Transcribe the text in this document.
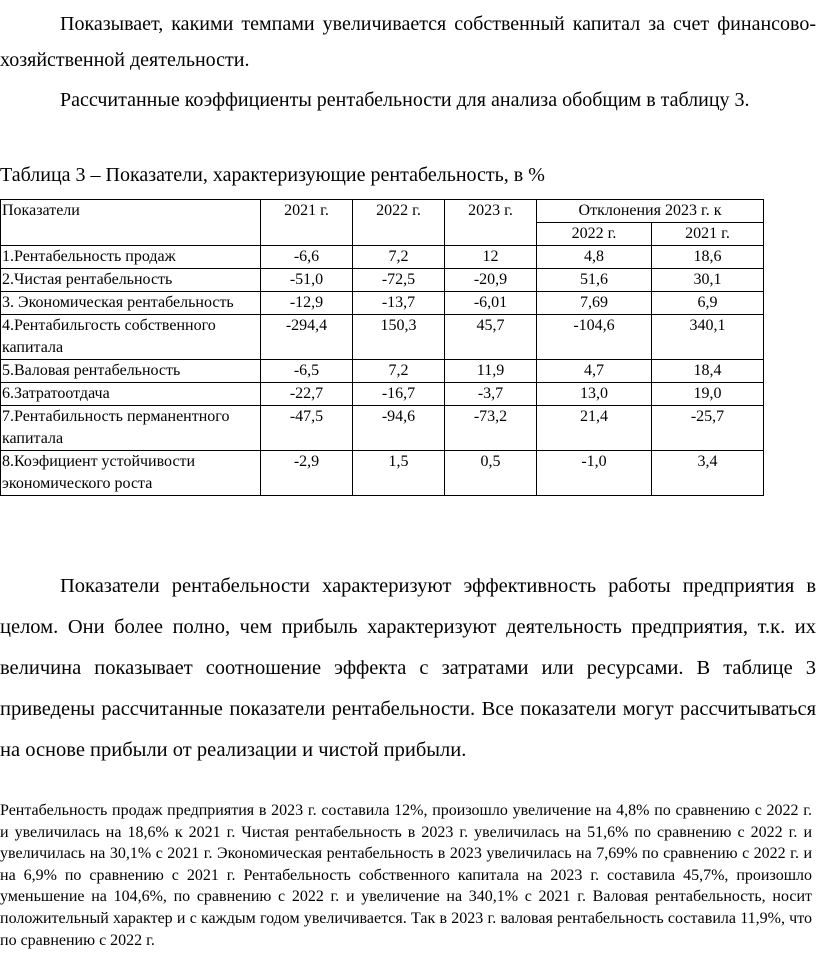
Показывает, какими темпами увеличивается собственный капитал за счет финансово-хозяйственной деятельности.

Рассчитанные коэффициенты рентабельности для анализа обобщим в таблицу 3.

Таблица 3 – Показатели, характеризующие рентабельность, в %
Показатели	2021 г.	2022 г.	2023 г.	Отклонения 2023 г. к	
				2022 г.	2021 г.
1.Рентабельность продаж	-6,6	7,2	12	4,8	18,6
2.Чистая рентабельность	-51,0	-72,5	-20,9	51,6	30,1
3. Экономическая рентабельность	-12,9	-13,7	-6,01	7,69	6,9
4.Рентабильгость собственного капитала	-294,4	150,3	45,7	-104,6	340,1
5.Валовая рентабельность	-6,5	7,2	11,9	4,7	18,4
6.Затратоотдача	-22,7	-16,7	-3,7	13,0	19,0
7.Рентабильность перманентного капитала	-47,5	-94,6	-73,2	21,4	-25,7
8.Коэфициент устойчивости экономического роста	-2,9	1,5	0,5	-1,0	3,4

Показатели рентабельности характеризуют эффективность работы предприятия в целом. Они более полно, чем прибыль характеризуют деятельность предприятия, т.к. их величина показывает соотношение эффекта с затратами или ресурсами. В таблице 3 приведены рассчитанные показатели рентабельности. Все показатели могут рассчитываться на основе прибыли от реализации и чистой прибыли.

Рентабельность продаж предприятия в 2023 г. составила 12%, произошло увеличение на 4,8% по сравнению с 2022 г. и увеличилась на 18,6% к 2021 г. Чистая рентабельность в 2023 г. увеличилась на 51,6% по сравнению с 2022 г. и увеличилась на 30,1% с 2021 г. Экономическая рентабельность в 2023 увеличилась на 7,69% по сравнению с 2022 г. и на 6,9% по сравнению с 2021 г. Рентабельность собственного капитала на 2023 г. составила 45,7%, произошло уменьшение на 104,6%, по сравнению с 2022 г. и увеличение на 340,1% с 2021 г. Валовая рентабельность, носит положительный характер и с каждым годом увеличивается. Так в 2023 г. валовая рентабельность составила 11,9%, что по сравнению с 2022 г.
